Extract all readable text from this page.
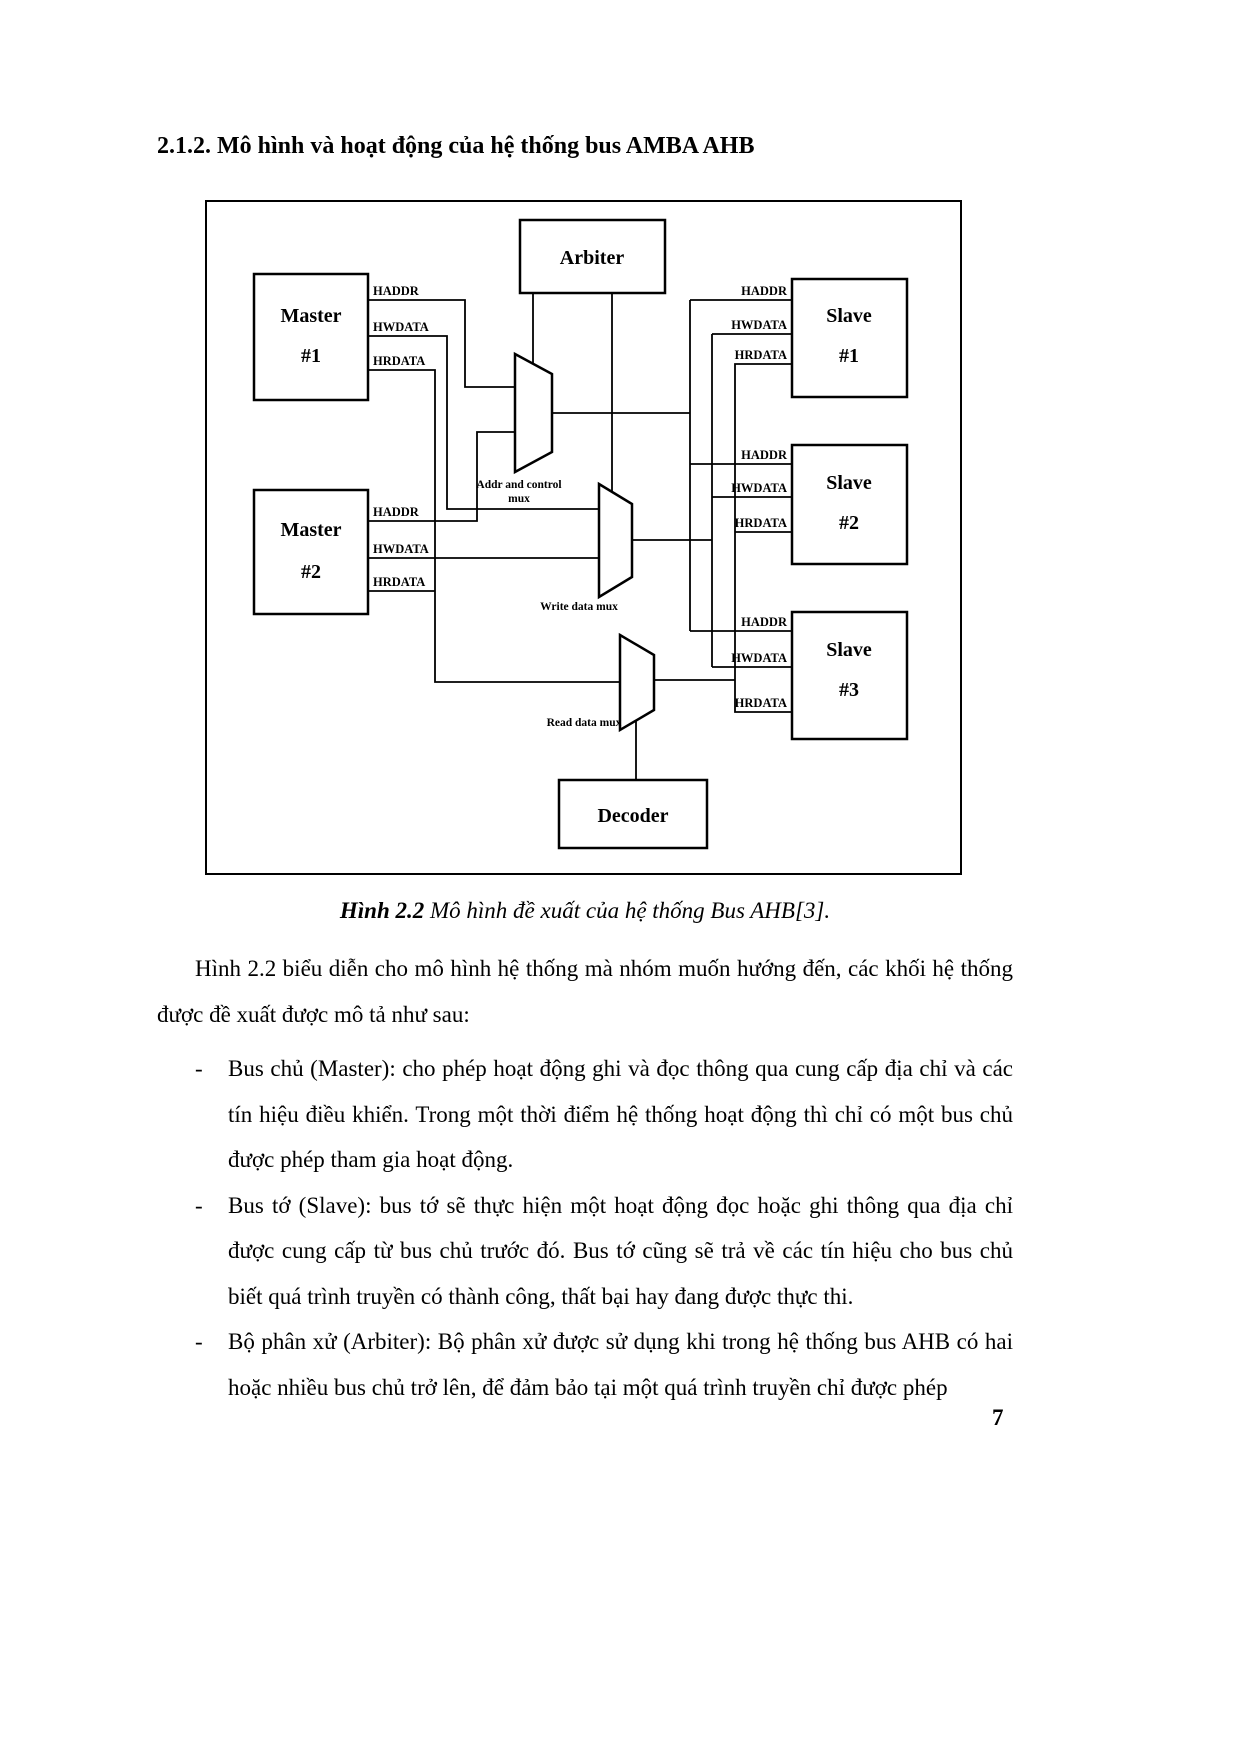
2.1.2. Mô hình và hoạt động của hệ thống bus AMBA AHB
Arbiter
Master
#1
Master
#2
Slave
#1
Slave
#2
Slave
#3
Decoder
Addr and control
mux
Write data mux
Read data mux
HADDR
HWDATA
HRDATA
HADDR
HWDATA
HRDATA
HADDR
HWDATA
HRDATA
HADDR
HWDATA
HRDATA
HADDR
HWDATA
HRDATA

Hình 2.2 Mô hình đề xuất của hệ thống Bus AHB[3].

Hình 2.2 biểu diễn cho mô hình hệ thống mà nhóm muốn hướng đến, các khối hệ thống được đề xuất được mô tả như sau:

-	Bus chủ (Master): cho phép hoạt động ghi và đọc thông qua cung cấp địa chỉ và các tín hiệu điều khiển. Trong một thời điểm hệ thống hoạt động thì chỉ có một bus chủ được phép tham gia hoạt động.
-	Bus tớ (Slave): bus tớ sẽ thực hiện một hoạt động đọc hoặc ghi thông qua địa chỉ được cung cấp từ bus chủ trước đó. Bus tớ cũng sẽ trả về các tín hiệu cho bus chủ biết quá trình truyền có thành công, thất bại hay đang được thực thi.
-	Bộ phân xử (Arbiter): Bộ phân xử được sử dụng khi trong hệ thống bus AHB có hai hoặc nhiều bus chủ trở lên, để đảm bảo tại một quá trình truyền chỉ được phép
7
